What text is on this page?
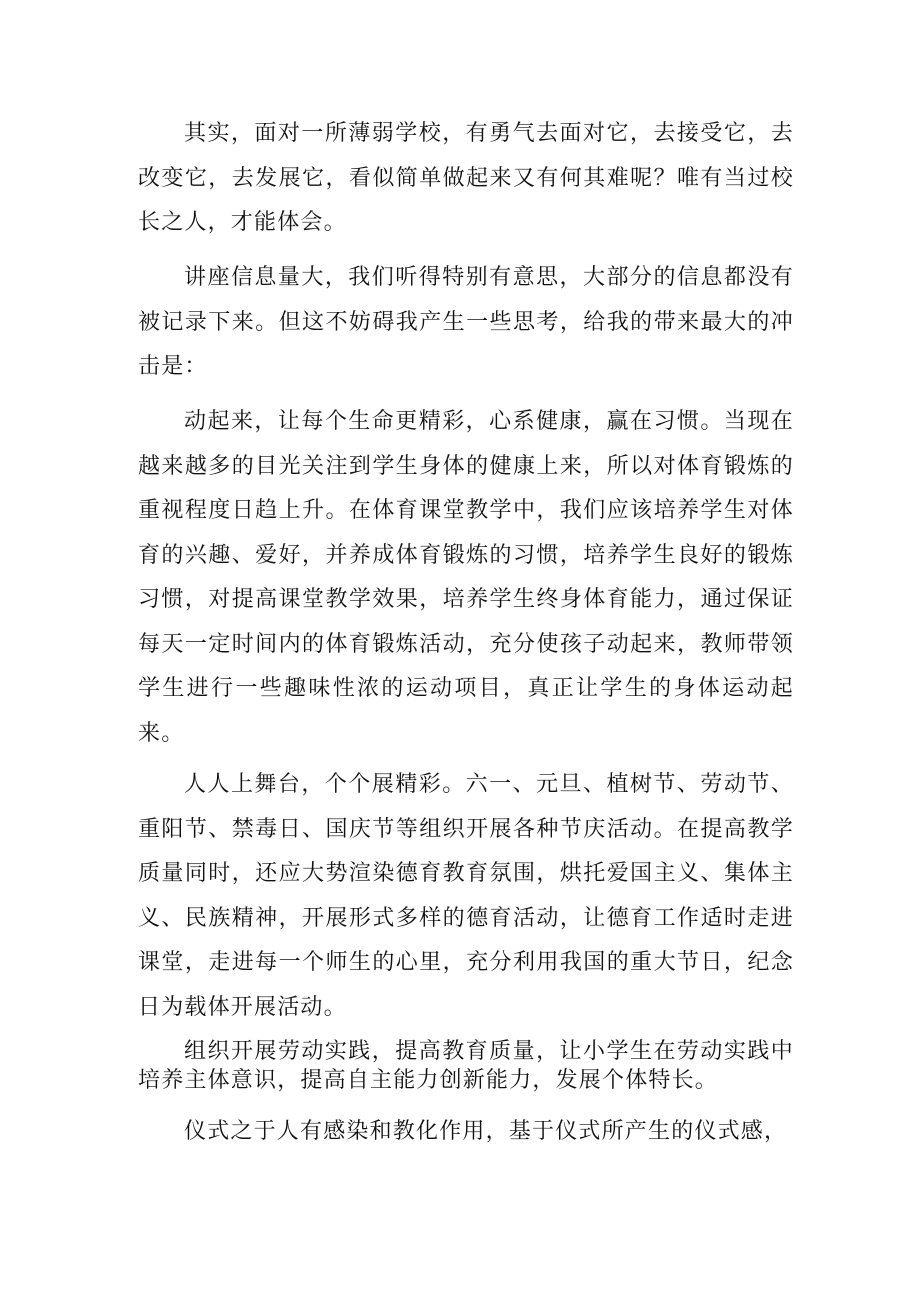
其实，面对一所薄弱学校，有勇气去面对它，去接受它，去改变它，去发展它，看似简单做起来又有何其难呢？唯有当过校长之人，才能体会。

讲座信息量大，我们听得特别有意思，大部分的信息都没有被记录下来。但这不妨碍我产生一些思考，给我的带来最大的冲击是：

动起来，让每个生命更精彩，心系健康，赢在习惯。当现在越来越多的目光关注到学生身体的健康上来，所以对体育锻炼的重视程度日趋上升。在体育课堂教学中，我们应该培养学生对体育的兴趣、爱好，并养成体育锻炼的习惯，培养学生良好的锻炼习惯，对提高课堂教学效果，培养学生终身体育能力，通过保证每天一定时间内的体育锻炼活动，充分使孩子动起来，教师带领学生进行一些趣味性浓的运动项目，真正让学生的身体运动起来。

人人上舞台，个个展精彩。六一、元旦、植树节、劳动节、重阳节、禁毒日、国庆节等组织开展各种节庆活动。在提高教学质量同时，还应大势渲染德育教育氛围，烘托爱国主义、集体主义、民族精神，开展形式多样的德育活动，让德育工作适时走进课堂，走进每一个师生的心里，充分利用我国的重大节日，纪念日为载体开展活动。

组织开展劳动实践，提高教育质量，让小学生在劳动实践中培养主体意识，提高自主能力创新能力，发展个体特长。

仪式之于人有感染和教化作用，基于仪式所产生的仪式感，
